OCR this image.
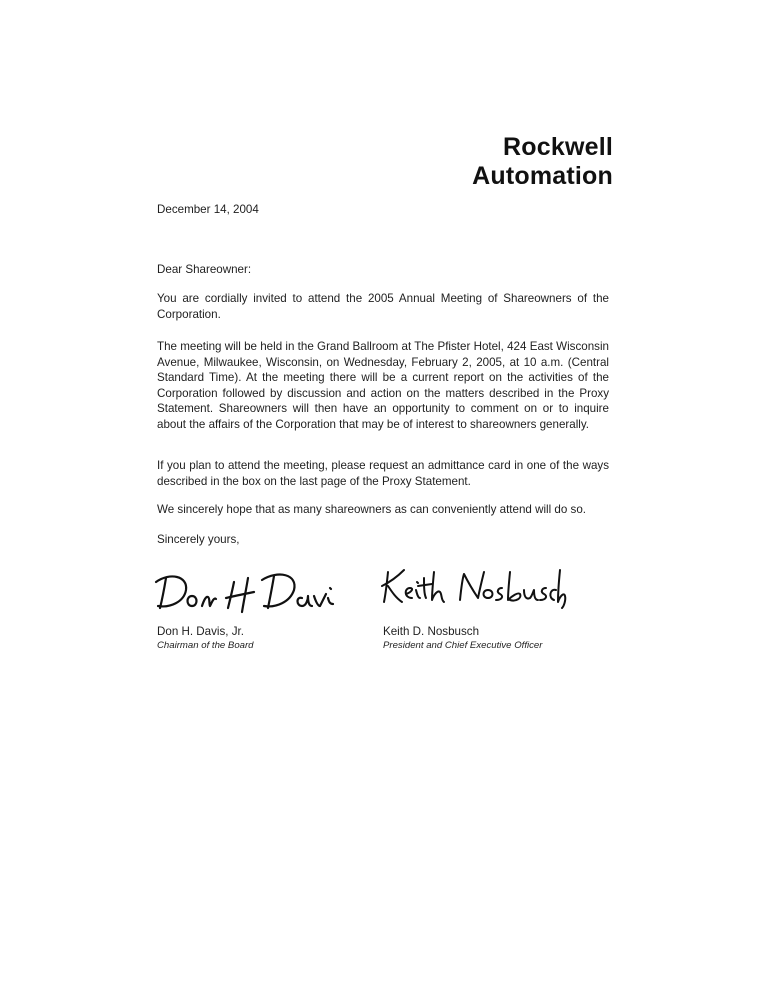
Rockwell
Automation
December 14, 2004
Dear Shareowner:
You are cordially invited to attend the 2005 Annual Meeting of Shareowners of the Corporation.
The meeting will be held in the Grand Ballroom at The Pfister Hotel, 424 East Wisconsin Avenue, Milwaukee, Wisconsin, on Wednesday, February 2, 2005, at 10 a.m. (Central Standard Time). At the meeting there will be a current report on the activities of the Corporation followed by discussion and action on the matters described in the Proxy Statement. Shareowners will then have an opportunity to comment on or to inquire about the affairs of the Corporation that may be of interest to shareowners generally.
If you plan to attend the meeting, please request an admittance card in one of the ways described in the box on the last page of the Proxy Statement.
We sincerely hope that as many shareowners as can conveniently attend will do so.
Sincerely yours,
Don H. Davis, Jr.
Chairman of the Board
Keith D. Nosbusch
President and Chief Executive Officer
